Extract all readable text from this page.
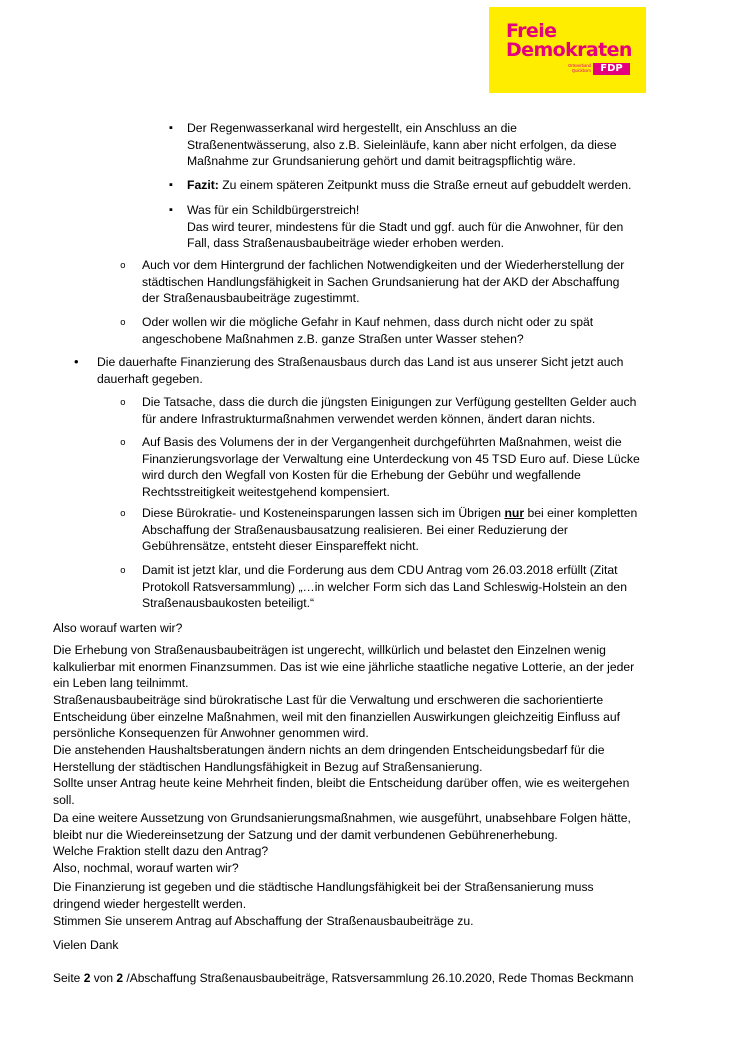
Freie
Demokraten
Ortsverband
Quickborn FDP
▪ Der Regenwasserkanal wird hergestellt, ein Anschluss an die
Straßenentwässerung, also z.B. Sieleinläufe, kann aber nicht erfolgen, da diese
Maßnahme zur Grundsanierung gehört und damit beitragspflichtig wäre.
▪ Fazit: Zu einem späteren Zeitpunkt muss die Straße erneut auf gebuddelt werden.
▪ Was für ein Schildbürgerstreich!
Das wird teurer, mindestens für die Stadt und ggf. auch für die Anwohner, für den
Fall, dass Straßenausbaubeiträge wieder erhoben werden.
o Auch vor dem Hintergrund der fachlichen Notwendigkeiten und der Wiederherstellung der
städtischen Handlungsfähigkeit in Sachen Grundsanierung hat der AKD der Abschaffung
der Straßenausbaubeiträge zugestimmt.
o Oder wollen wir die mögliche Gefahr in Kauf nehmen, dass durch nicht oder zu spät
angeschobene Maßnahmen z.B. ganze Straßen unter Wasser stehen?
• Die dauerhafte Finanzierung des Straßenausbaus durch das Land ist aus unserer Sicht jetzt auch
dauerhaft gegeben.
o Die Tatsache, dass die durch die jüngsten Einigungen zur Verfügung gestellten Gelder auch
für andere Infrastrukturmaßnahmen verwendet werden können, ändert daran nichts.
o Auf Basis des Volumens der in der Vergangenheit durchgeführten Maßnahmen, weist die
Finanzierungsvorlage der Verwaltung eine Unterdeckung von 45 TSD Euro auf. Diese Lücke
wird durch den Wegfall von Kosten für die Erhebung der Gebühr und wegfallende
Rechtsstreitigkeit weitestgehend kompensiert.
o Diese Bürokratie- und Kosteneinsparungen lassen sich im Übrigen nur bei einer kompletten
Abschaffung der Straßenausbausatzung realisieren. Bei einer Reduzierung der
Gebührensätze, entsteht dieser Einspareffekt nicht.
o Damit ist jetzt klar, und die Forderung aus dem CDU Antrag vom 26.03.2018 erfüllt (Zitat
Protokoll Ratsversammlung) „…in welcher Form sich das Land Schleswig-Holstein an den
Straßenausbaukosten beteiligt.“
Also worauf warten wir?
Die Erhebung von Straßenausbaubeiträgen ist ungerecht, willkürlich und belastet den Einzelnen wenig
kalkulierbar mit enormen Finanzsummen. Das ist wie eine jährliche staatliche negative Lotterie, an der jeder
ein Leben lang teilnimmt.
Straßenausbaubeiträge sind bürokratische Last für die Verwaltung und erschweren die sachorientierte
Entscheidung über einzelne Maßnahmen, weil mit den finanziellen Auswirkungen gleichzeitig Einfluss auf
persönliche Konsequenzen für Anwohner genommen wird.
Die anstehenden Haushaltsberatungen ändern nichts an dem dringenden Entscheidungsbedarf für die
Herstellung der städtischen Handlungsfähigkeit in Bezug auf Straßensanierung.
Sollte unser Antrag heute keine Mehrheit finden, bleibt die Entscheidung darüber offen, wie es weitergehen
soll.
Da eine weitere Aussetzung von Grundsanierungsmaßnahmen, wie ausgeführt, unabsehbare Folgen hätte,
bleibt nur die Wiedereinsetzung der Satzung und der damit verbundenen Gebührenerhebung.
Welche Fraktion stellt dazu den Antrag?
Also, nochmal, worauf warten wir?
Die Finanzierung ist gegeben und die städtische Handlungsfähigkeit bei der Straßensanierung muss
dringend wieder hergestellt werden.
Stimmen Sie unserem Antrag auf Abschaffung der Straßenausbaubeiträge zu.
Vielen Dank
Seite 2 von 2 /Abschaffung Straßenausbaubeiträge, Ratsversammlung 26.10.2020, Rede Thomas Beckmann
